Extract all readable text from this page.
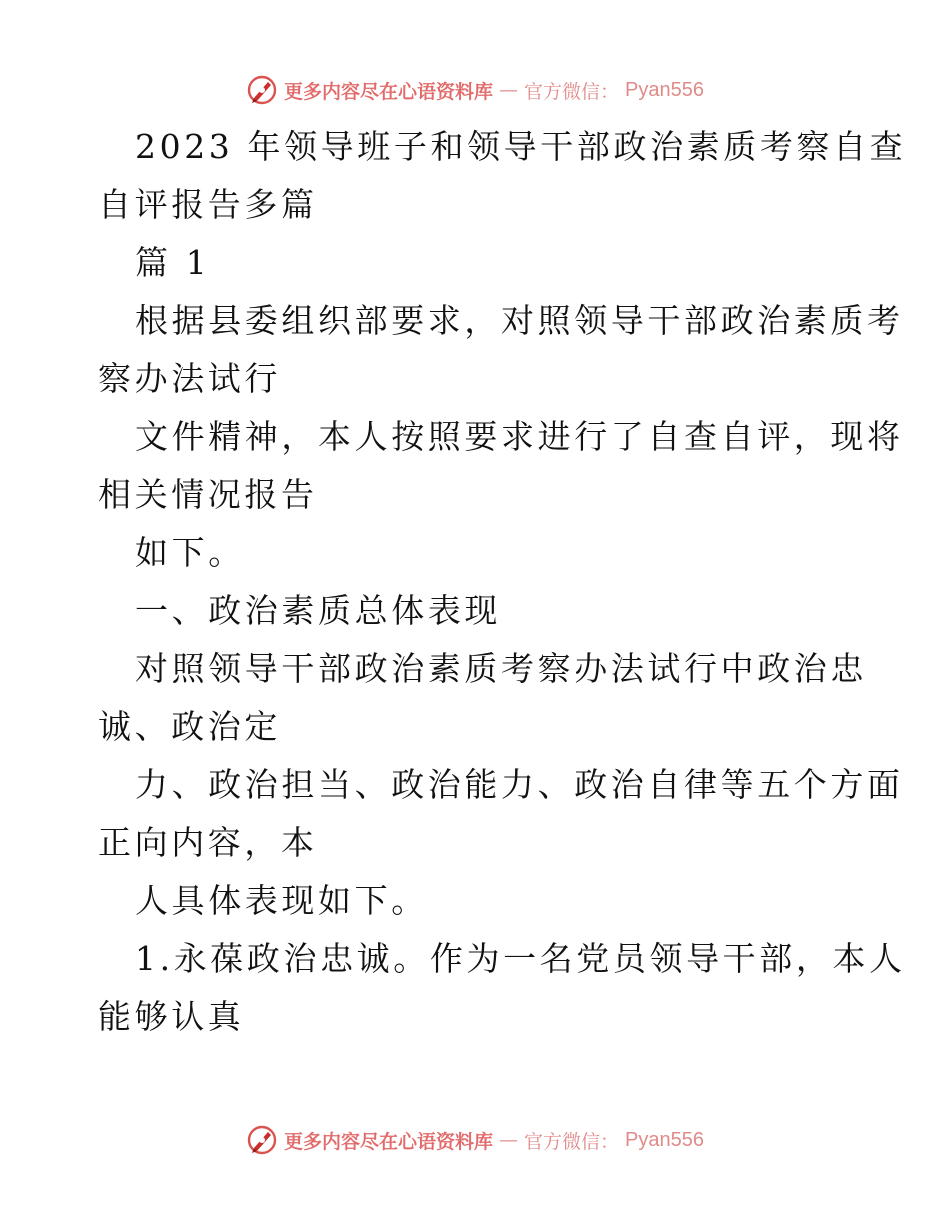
更多内容尽在心语资料库 — 官方微信： Pyan556
2023 年领导班子和领导干部政治素质考察自查
自评报告多篇
篇 1
根据县委组织部要求，对照领导干部政治素质考
察办法试行
文件精神，本人按照要求进行了自查自评，现将
相关情况报告
如下。
一、政治素质总体表现
对照领导干部政治素质考察办法试行中政治忠
诚、政治定
力、政治担当、政治能力、政治自律等五个方面
正向内容，本
人具体表现如下。
1.永葆政治忠诚。作为一名党员领导干部，本人
能够认真
更多内容尽在心语资料库 — 官方微信： Pyan556
